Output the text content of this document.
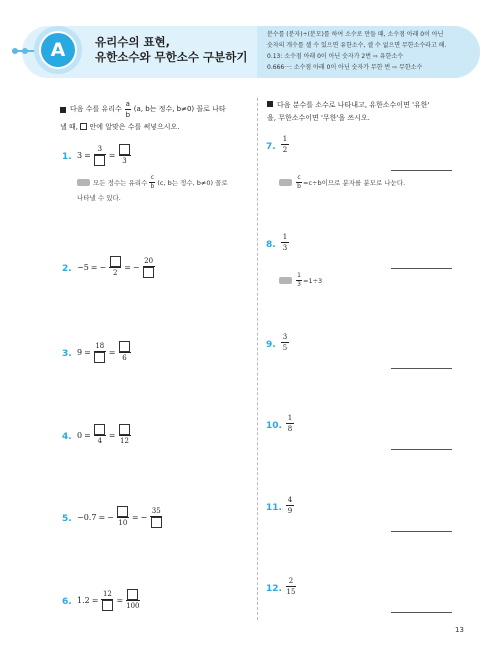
A	유리수의 표현,
유한소수와 무한소수 구분하기
분수를 (분자)÷(분모)를 하여 소수로 만들 때, 소수점 아래 0이 아닌
숫자의 개수를 셀 수 있으면 유한소수, 셀 수 없으면 무한소수라고 해.
0.13: 소수점 아래 0이 아닌 숫자가 2번 ⇨ 유한소수
0.666···: 소수점 아래 0이 아닌 숫자가 무한 번 ⇨ 무한소수
다음 수를 유리수 $\frac{a}{b} (a$, b는 정수, b≠0) 꼴로 나타
낼 때, 안에 알맞은 수를 써넣으시오.
1. 3 =
3
=
3
모든 정수는 유리수 $\frac{c}{b} (c$, b는 정수, b≠0) 꼴로
나타낼 수 있다.
2. −5 = −
2
= −
20
3. 9 =
18
=
6
4. 0 =
4
=
12
5. −0.7 = −
10
= −
35
6. 1.2 =
12
=
100
다음 분수를 소수로 나타내고, 유한소수이면 '유한'
을, 무한소수이면 '무한'을 쓰시오.
7. $\frac{1}{2}$
$\frac{c}{b} =c\div b$이므로 분자를 분모로 나눈다.
8. $\frac{1}{3}$
$\frac{1}{3} =1\div 3$
9. $\frac{3}{5}$
10. $\frac{1}{8}$
11. $\frac{4}{9}$
12. $\frac{2}{15}$
13
